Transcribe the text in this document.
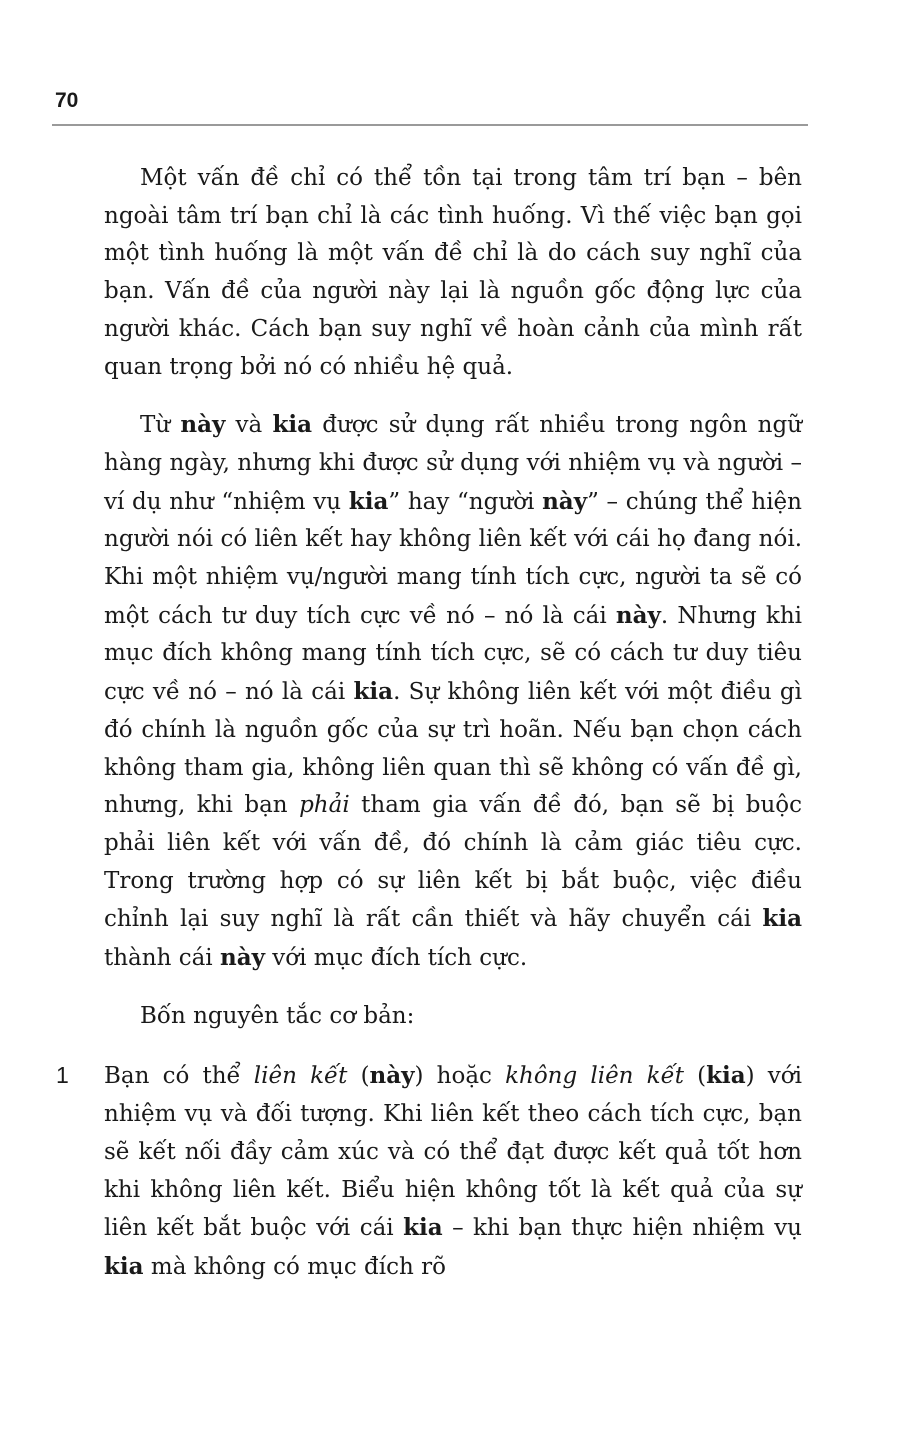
70

Một vấn đề chỉ có thể tồn tại trong tâm trí bạn – bên ngoài tâm trí bạn chỉ là các tình huống. Vì thế việc bạn gọi một tình huống là một vấn đề chỉ là do cách suy nghĩ của bạn. Vấn đề của người này lại là nguồn gốc động lực của người khác. Cách bạn suy nghĩ về hoàn cảnh của mình rất quan trọng bởi nó có nhiều hệ quả.

Từ này và kia được sử dụng rất nhiều trong ngôn ngữ hàng ngày, nhưng khi được sử dụng với nhiệm vụ và người – ví dụ như “nhiệm vụ kia” hay “người này” – chúng thể hiện người nói có liên kết hay không liên kết với cái họ đang nói. Khi một nhiệm vụ/người mang tính tích cực, người ta sẽ có một cách tư duy tích cực về nó – nó là cái này. Nhưng khi mục đích không mang tính tích cực, sẽ có cách tư duy tiêu cực về nó – nó là cái kia. Sự không liên kết với một điều gì đó chính là nguồn gốc của sự trì hoãn. Nếu bạn chọn cách không tham gia, không liên quan thì sẽ không có vấn đề gì, nhưng, khi bạn phải tham gia vấn đề đó, bạn sẽ bị buộc phải liên kết với vấn đề, đó chính là cảm giác tiêu cực. Trong trường hợp có sự liên kết bị bắt buộc, việc điều chỉnh lại suy nghĩ là rất cần thiết và hãy chuyển cái kia thành cái này với mục đích tích cực.

Bốn nguyên tắc cơ bản:

1 Bạn có thể liên kết (này) hoặc không liên kết (kia) với nhiệm vụ và đối tượng. Khi liên kết theo cách tích cực, bạn sẽ kết nối đầy cảm xúc và có thể đạt được kết quả tốt hơn khi không liên kết. Biểu hiện không tốt là kết quả của sự liên kết bắt buộc với cái kia – khi bạn thực hiện nhiệm vụ kia mà không có mục đích rõ
